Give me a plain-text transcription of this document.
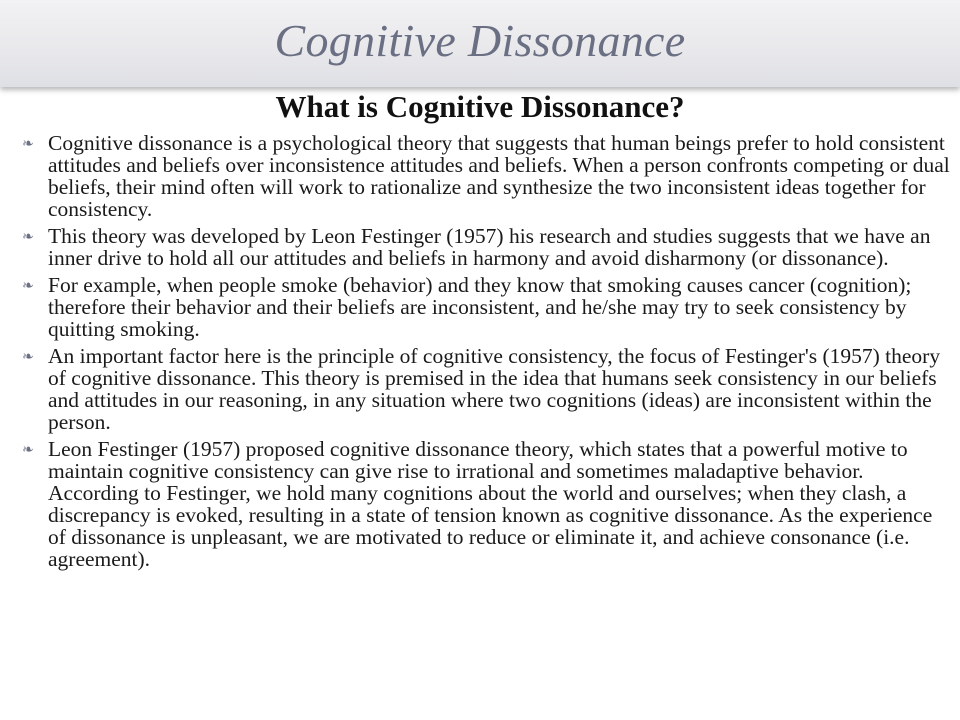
Cognitive Dissonance
What is Cognitive Dissonance?
❧ Cognitive dissonance is a psychological theory that suggests that human beings prefer to hold consistent attitudes and beliefs over inconsistence attitudes and beliefs. When a person confronts competing or dual beliefs, their mind often will work to rationalize and synthesize the two inconsistent ideas together for consistency.
❧ This theory was developed by Leon Festinger (1957) his research and studies suggests that we have an inner drive to hold all our attitudes and beliefs in harmony and avoid disharmony (or dissonance).
❧ For example, when people smoke (behavior) and they know that smoking causes cancer (cognition); therefore their behavior and their beliefs are inconsistent, and he/she may try to seek consistency by quitting smoking.
❧ An important factor here is the principle of cognitive consistency, the focus of Festinger's (1957) theory of cognitive dissonance. This theory is premised in the idea that humans seek consistency in our beliefs and attitudes in our reasoning, in any situation where two cognitions (ideas) are inconsistent within the person.
❧ Leon Festinger (1957) proposed cognitive dissonance theory, which states that a powerful motive to maintain cognitive consistency can give rise to irrational and sometimes maladaptive behavior. According to Festinger, we hold many cognitions about the world and ourselves; when they clash, a discrepancy is evoked, resulting in a state of tension known as cognitive dissonance. As the experience of dissonance is unpleasant, we are motivated to reduce or eliminate it, and achieve consonance (i.e. agreement).
